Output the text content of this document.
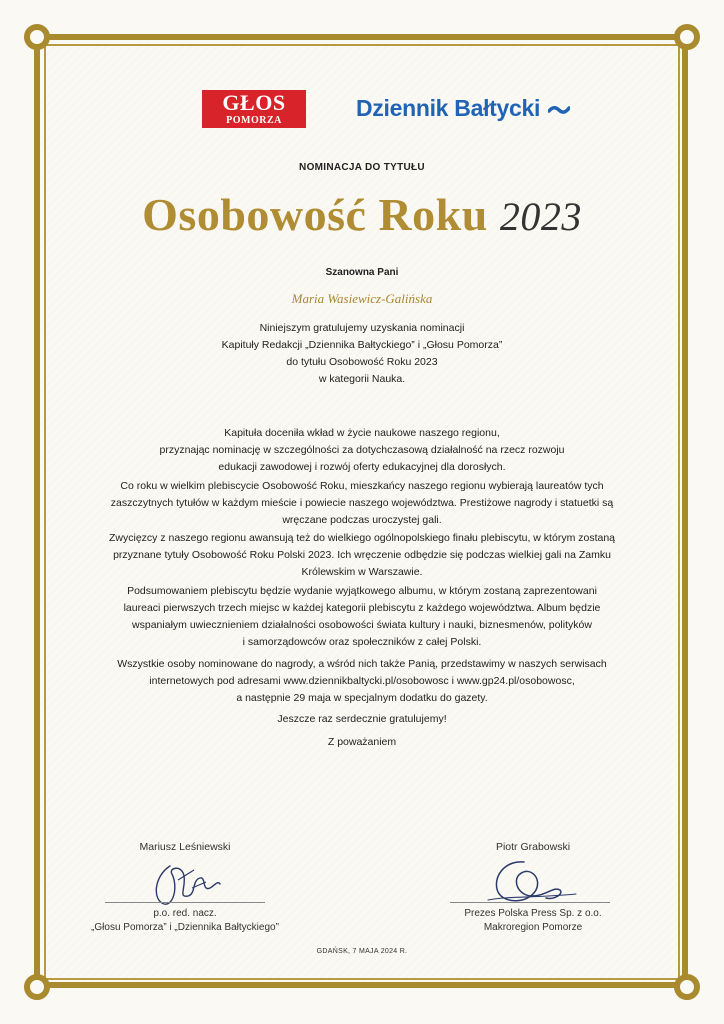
GŁOS
POMORZA	Dziennik Bałtycki
NOMINACJA DO TYTUŁU
Osobowość Roku 2023
Szanowna Pani
Maria Wasiewicz-Galińska
Niniejszym gratulujemy uzyskania nominacji
Kapituły Redakcji „Dziennika Bałtyckiego” i „Głosu Pomorza”
do tytułu Osobowość Roku 2023
w kategorii Nauka.
Kapituła doceniła wkład w życie naukowe naszego regionu,
przyznając nominację w szczególności za dotychczasową działalność na rzecz rozwoju
edukacji zawodowej i rozwój oferty edukacyjnej dla dorosłych.
Co roku w wielkim plebiscycie Osobowość Roku, mieszkańcy naszego regionu wybierają laureatów tych
zaszczytnych tytułów w każdym mieście i powiecie naszego województwa. Prestiżowe nagrody i statuetki są
wręczane podczas uroczystej gali.
Zwycięzcy z naszego regionu awansują też do wielkiego ogólnopolskiego finału plebiscytu, w którym zostaną
przyznane tytuły Osobowość Roku Polski 2023. Ich wręczenie odbędzie się podczas wielkiej gali na Zamku
Królewskim w Warszawie.
Podsumowaniem plebiscytu będzie wydanie wyjątkowego albumu, w którym zostaną zaprezentowani
laureaci pierwszych trzech miejsc w każdej kategorii plebiscytu z każdego województwa. Album będzie
wspaniałym uwiecznieniem działalności osobowości świata kultury i nauki, biznesmenów, polityków
i samorządowców oraz społeczników z całej Polski.
Wszystkie osoby nominowane do nagrody, a wśród nich także Panią, przedstawimy w naszych serwisach
internetowych pod adresami www.dziennikbaltycki.pl/osobowosc i www.gp24.pl/osobowosc,
a następnie 29 maja w specjalnym dodatku do gazety.
Jeszcze raz serdecznie gratulujemy!
Z poważaniem
Mariusz Leśniewski
p.o. red. nacz.
„Głosu Pomorza” i „Dziennika Bałtyckiego”
Piotr Grabowski
Prezes Polska Press Sp. z o.o.
Makroregion Pomorze
GDAŃSK, 7 MAJA 2024 R.
